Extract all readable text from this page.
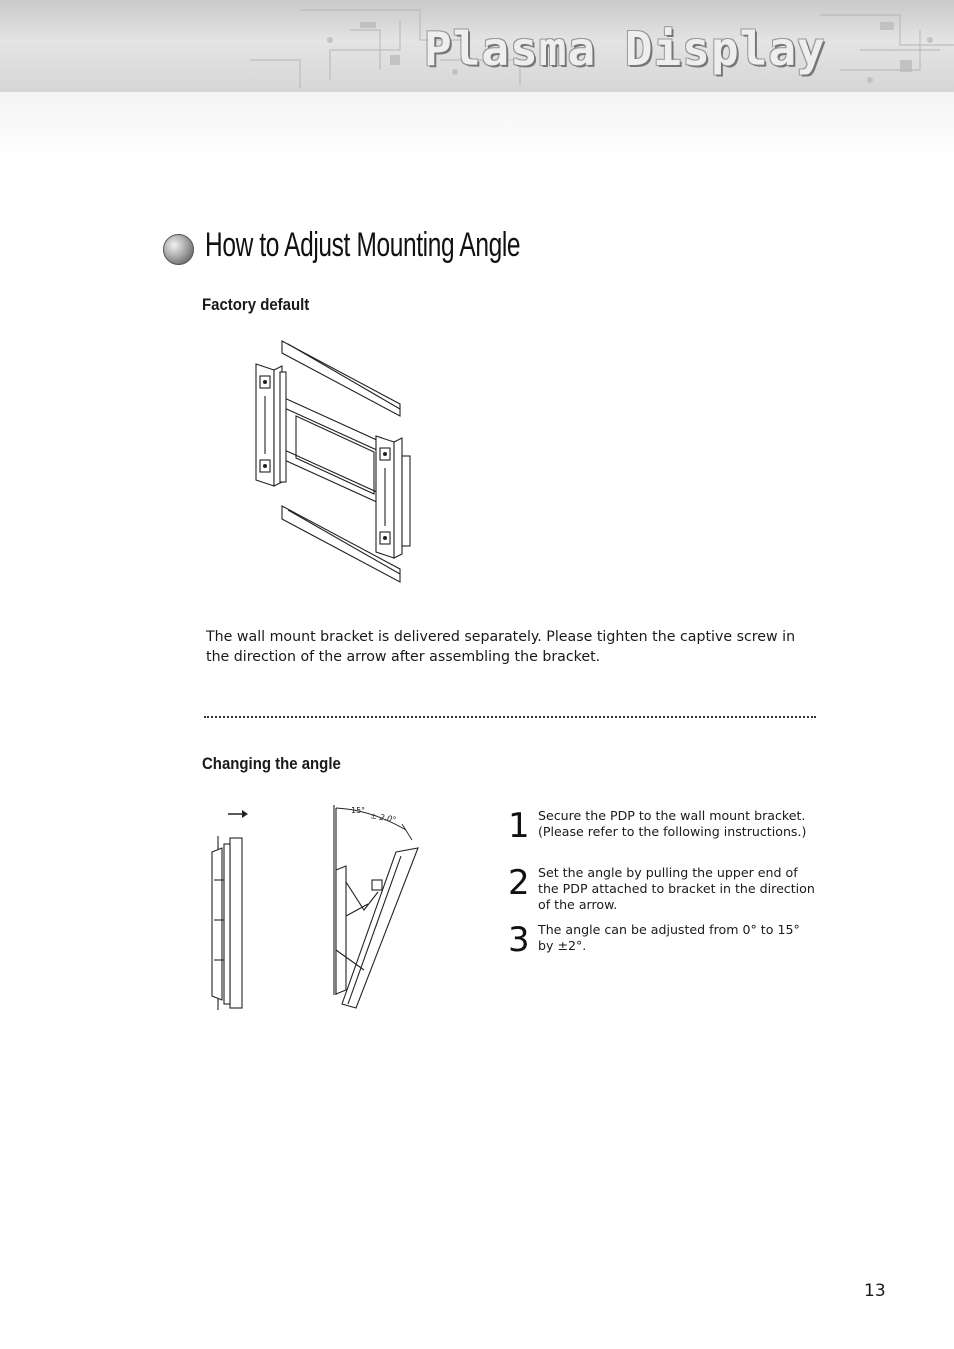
Plasma Display
How to Adjust Mounting Angle
Factory default
The wall mount bracket is delivered separately. Please tighten the captive screw in the direction of the arrow after assembling the bracket.
Changing the angle
15°
± 2.0°	1 Secure the PDP to the wall mount bracket. (Please refer to the following instructions.)
2 Set the angle by pulling the upper end of the PDP attached to bracket in the direction of the arrow.
3 The angle can be adjusted from 0° to 15° by ±2°.
13
